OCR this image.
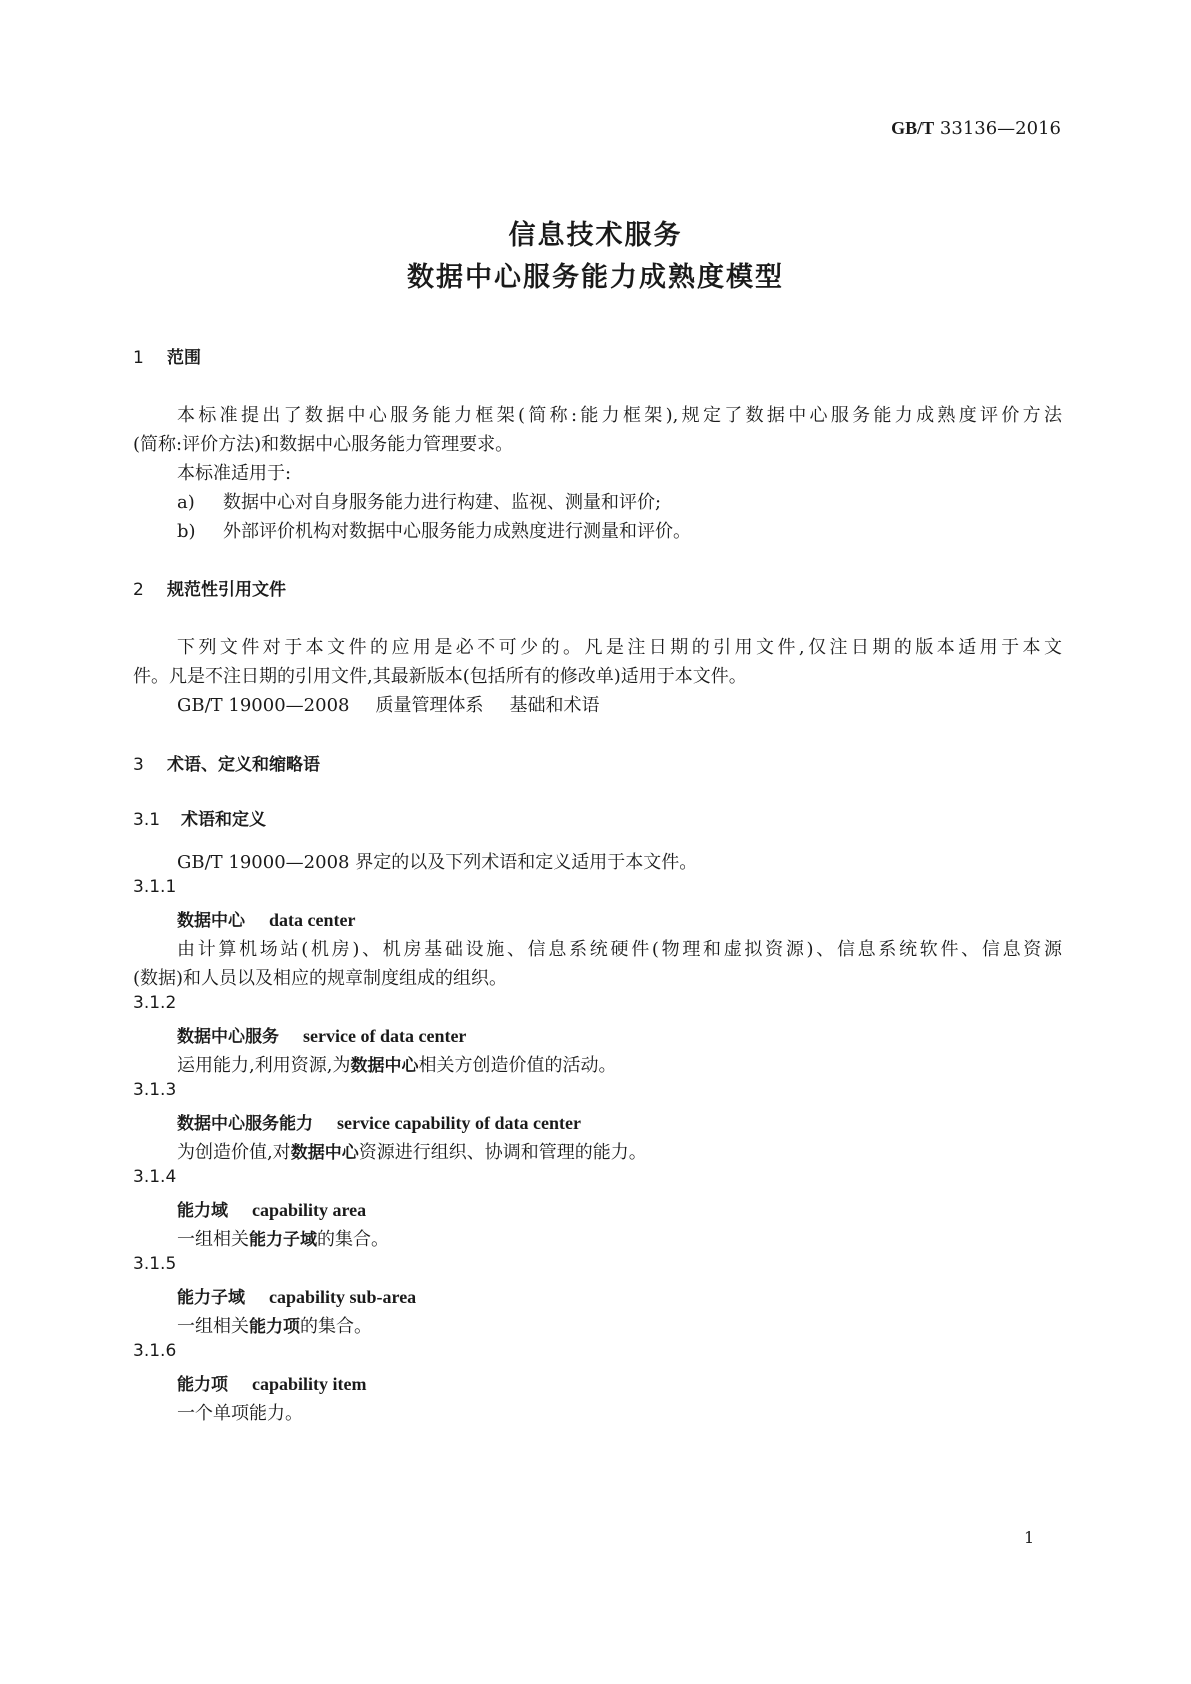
GB/T 33136—2016
信息技术服务
数据中心服务能力成熟度模型
1 范围
本标准提出了数据中心服务能力框架(简称:能力框架),规定了数据中心服务能力成熟度评价方法
(简称:评价方法)和数据中心服务能力管理要求。
本标准适用于:
a) 数据中心对自身服务能力进行构建、监视、测量和评价;
b) 外部评价机构对数据中心服务能力成熟度进行测量和评价。
2 规范性引用文件
下列文件对于本文件的应用是必不可少的。凡是注日期的引用文件,仅注日期的版本适用于本文
件。凡是不注日期的引用文件,其最新版本(包括所有的修改单)适用于本文件。
GB/T 19000—2008 质量管理体系 基础和术语
3 术语、定义和缩略语
3.1 术语和定义
GB/T 19000—2008 界定的以及下列术语和定义适用于本文件。
3.1.1
数据中心 data center
由计算机场站(机房)、机房基础设施、信息系统硬件(物理和虚拟资源)、信息系统软件、信息资源
(数据)和人员以及相应的规章制度组成的组织。
3.1.2
数据中心服务 service of data center
运用能力,利用资源,为数据中心相关方创造价值的活动。
3.1.3
数据中心服务能力 service capability of data center
为创造价值,对数据中心资源进行组织、协调和管理的能力。
3.1.4
能力域 capability area
一组相关能力子域的集合。
3.1.5
能力子域 capability sub-area
一组相关能力项的集合。
3.1.6
能力项 capability item
一个单项能力。
1
